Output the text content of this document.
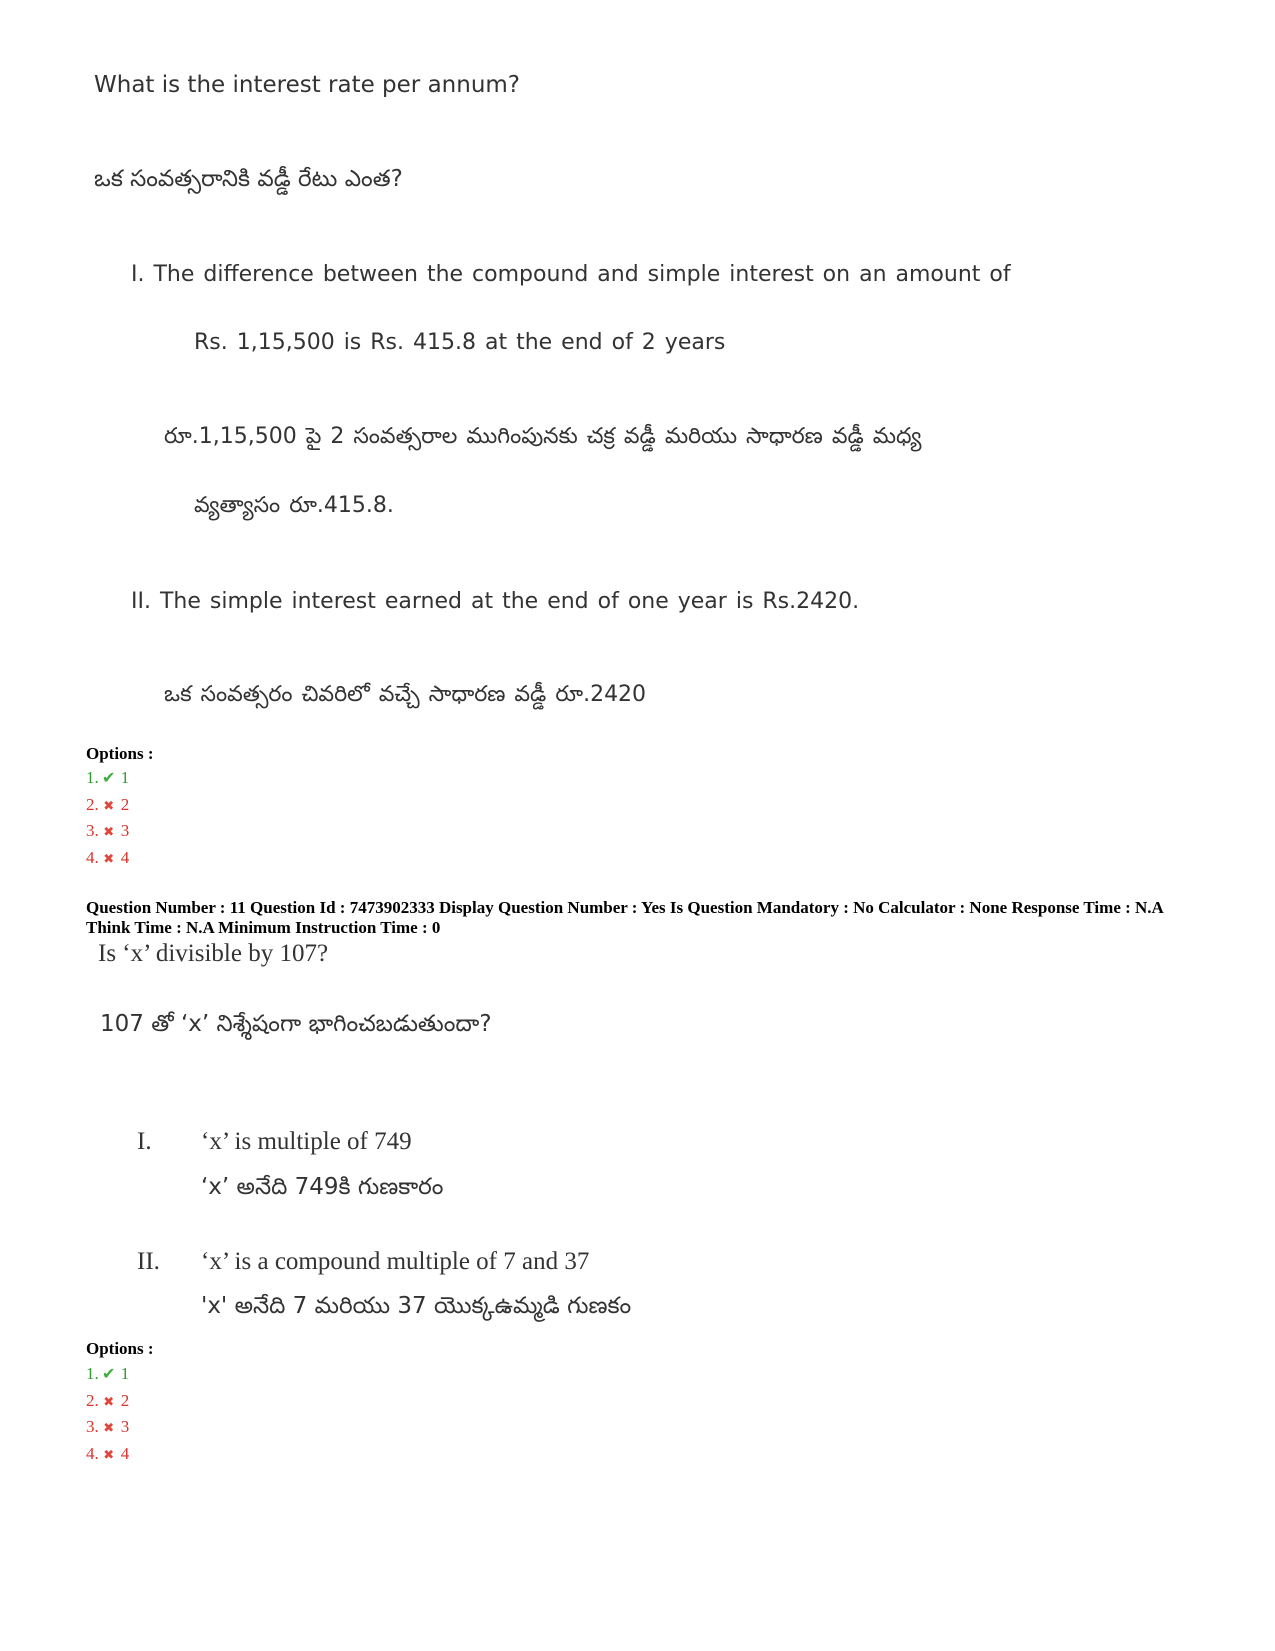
What is the interest rate per annum?
ఒక సంవత్సరానికి వడ్డీ రేటు ఎంత?
I. The difference between the compound and simple interest on an amount of
Rs. 1,15,500 is Rs. 415.8 at the end of 2 years
రూ.1,15,500 పై 2 సంవత్సరాల ముగింపునకు చక్ర వడ్డీ మరియు సాధారణ వడ్డీ మధ్య
వ్యత్యాసం రూ.415.8.
II. The simple interest earned at the end of one year is Rs.2420.
ఒక సంవత్సరం చివరిలో వచ్చే సాధారణ వడ్డీ రూ.2420
Options :
1. ✔ 1
2. ✖ 2
3. ✖ 3
4. ✖ 4
Question Number : 11 Question Id : 7473902333 Display Question Number : Yes Is Question Mandatory : No Calculator : None Response Time : N.A Think Time : N.A Minimum Instruction Time : 0
Is ‘x’ divisible by 107?
107 తో ‘x’ నిశ్శేషంగా భాగించబడుతుందా?
I. ‘x’ is multiple of 749
‘x’ అనేది 749కి గుణకారం
II. ‘x’ is a compound multiple of 7 and 37
'x' అనేది 7 మరియు 37 యొక్కఉమ్మడి గుణకం
Options :
1. ✔ 1
2. ✖ 2
3. ✖ 3
4. ✖ 4
